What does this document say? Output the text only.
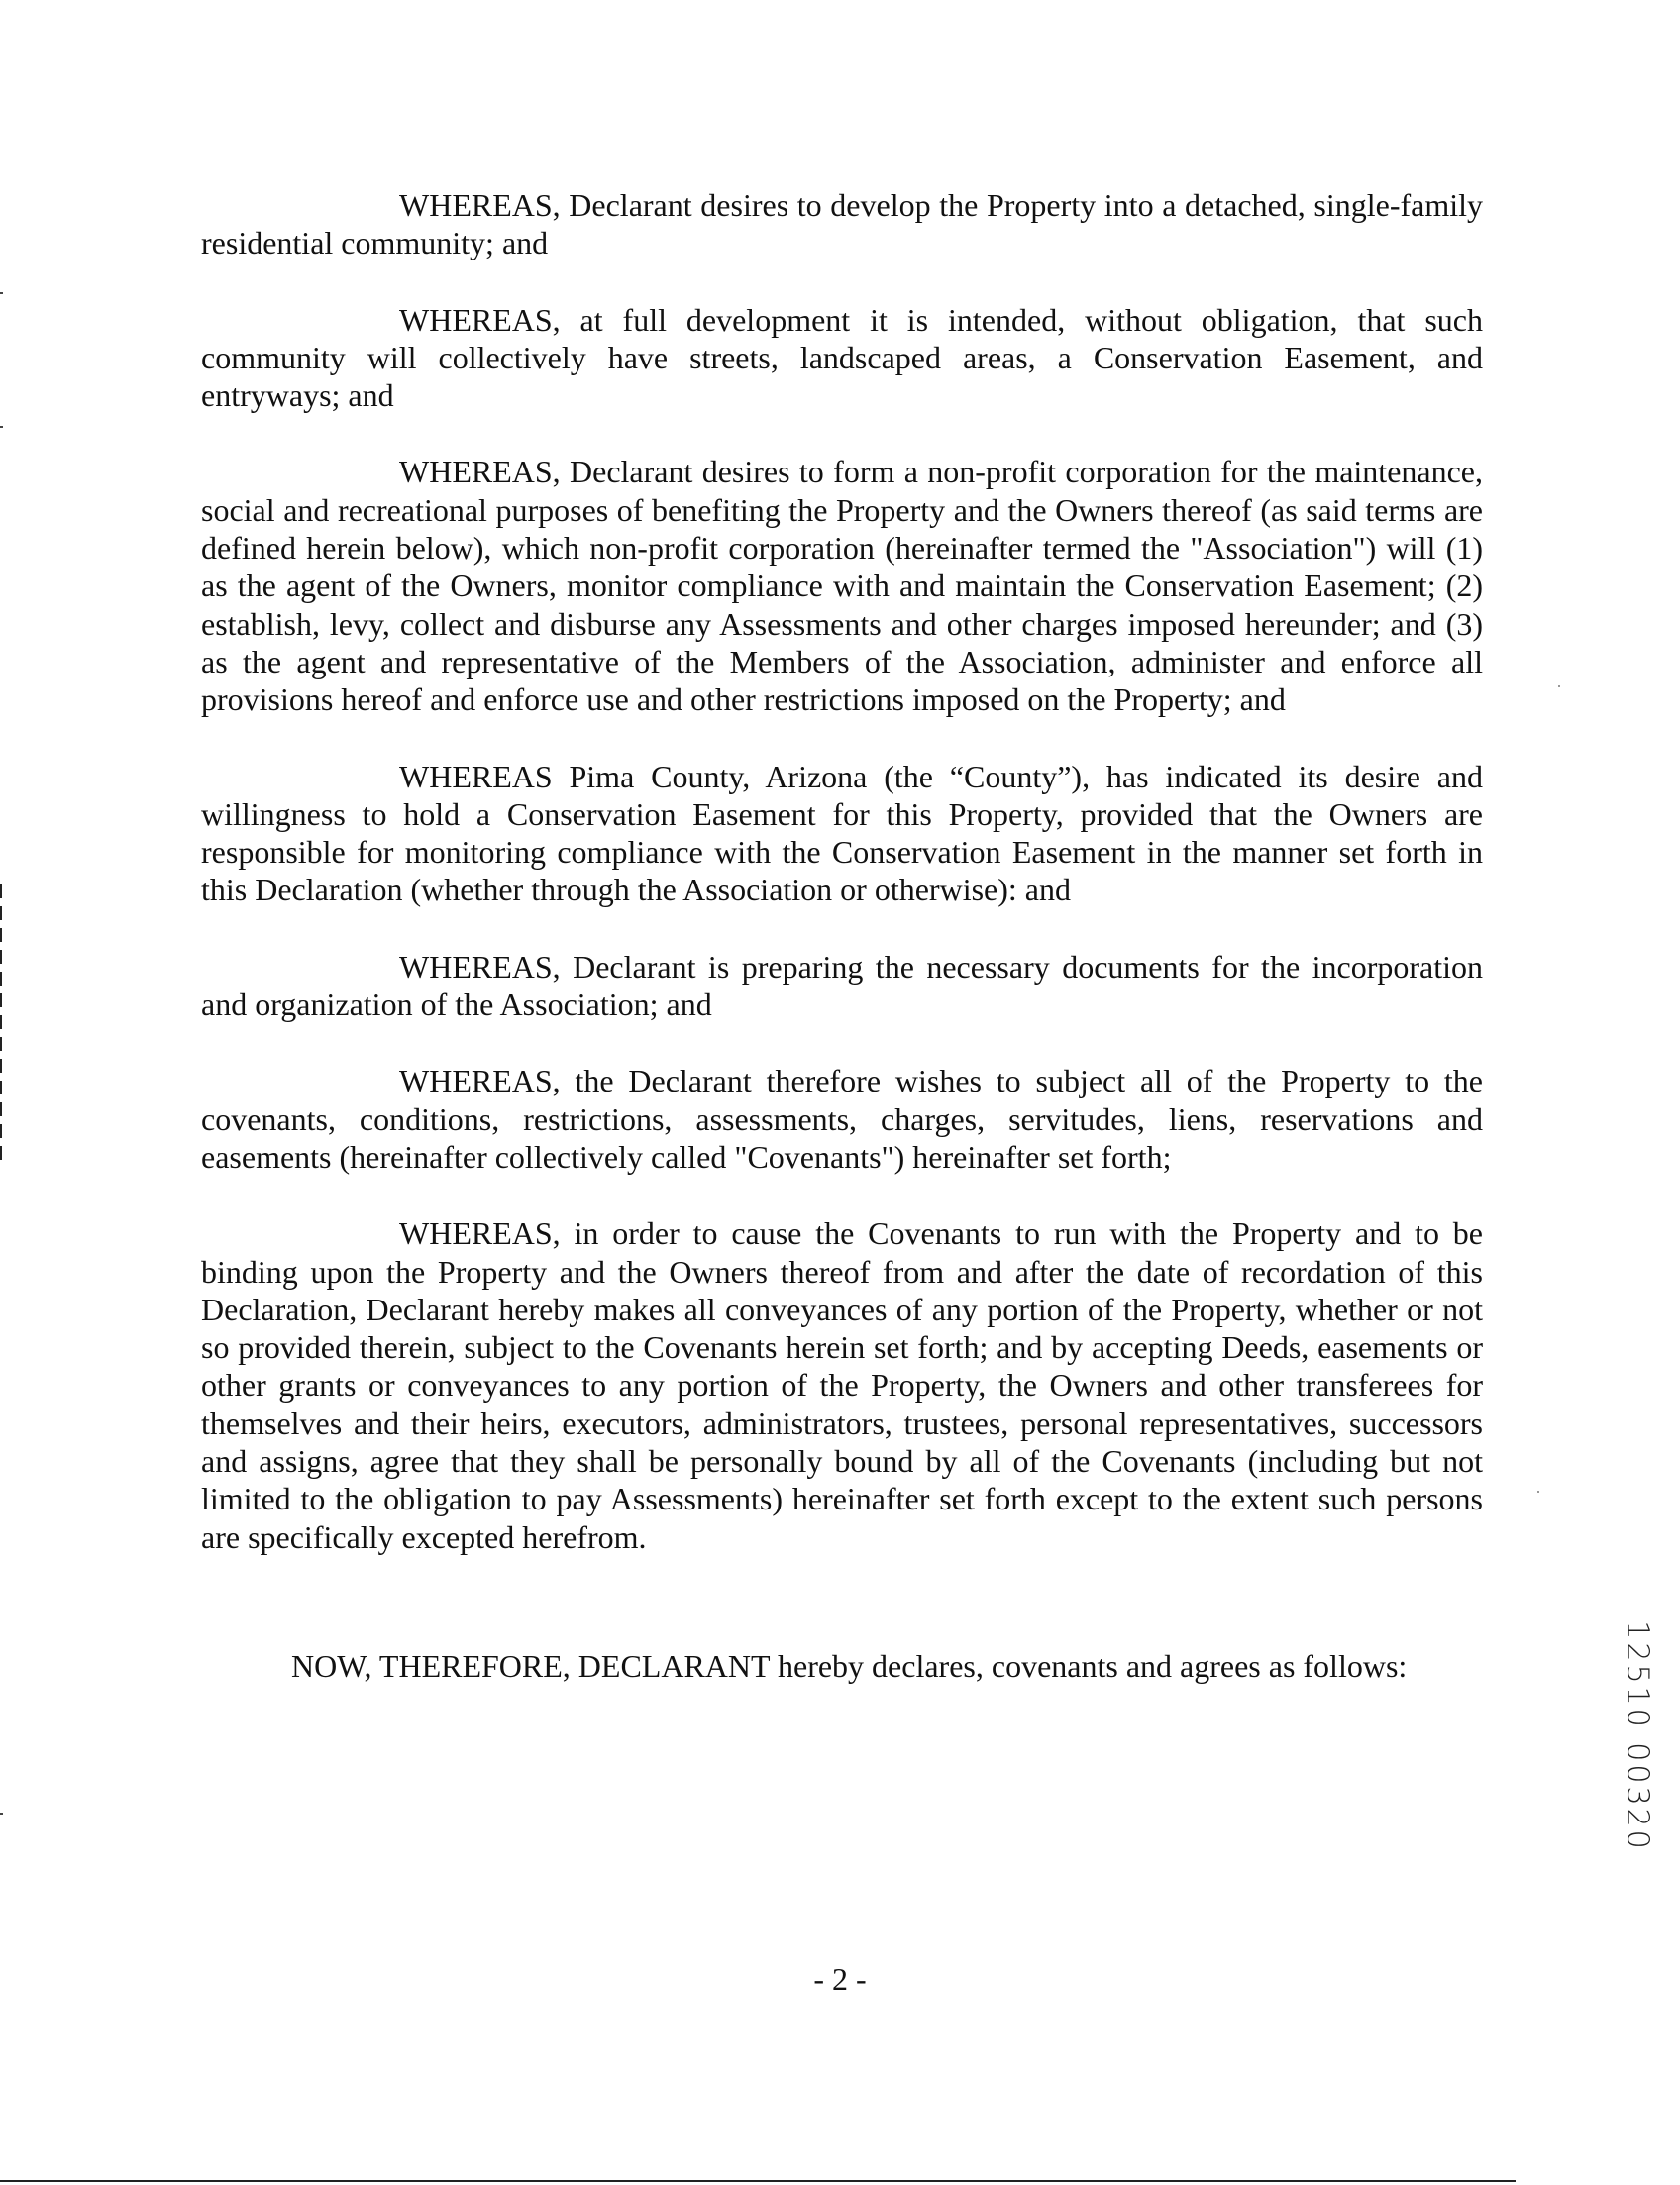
WHEREAS, Declarant desires to develop the Property into a detached, single-family residential community; and

WHEREAS, at full development it is intended, without obligation, that such community will collectively have streets, landscaped areas, a Conservation Easement, and entryways; and

WHEREAS, Declarant desires to form a non-profit corporation for the maintenance, social and recreational purposes of benefiting the Property and the Owners thereof (as said terms are defined herein below), which non-profit corporation (hereinafter termed the "Association") will (1) as the agent of the Owners, monitor compliance with and maintain the Conservation Easement; (2) establish, levy, collect and disburse any Assessments and other charges imposed hereunder; and (3) as the agent and representative of the Members of the Association, administer and enforce all provisions hereof and enforce use and other restrictions imposed on the Property; and

WHEREAS Pima County, Arizona (the “County”), has indicated its desire and willingness to hold a Conservation Easement for this Property, provided that the Owners are responsible for monitoring compliance with the Conservation Easement in the manner set forth in this Declaration (whether through the Association or otherwise): and

WHEREAS, Declarant is preparing the necessary documents for the incorporation and organization of the Association; and

WHEREAS, the Declarant therefore wishes to subject all of the Property to the covenants, conditions, restrictions, assessments, charges, servitudes, liens, reservations and easements (hereinafter collectively called "Covenants") hereinafter set forth;

WHEREAS, in order to cause the Covenants to run with the Property and to be binding upon the Property and the Owners thereof from and after the date of recordation of this Declaration, Declarant hereby makes all conveyances of any portion of the Property, whether or not so provided therein, subject to the Covenants herein set forth; and by accepting Deeds, easements or other grants or conveyances to any portion of the Property, the Owners and other transferees for themselves and their heirs, executors, administrators, trustees, personal representatives, successors and assigns, agree that they shall be personally bound by all of the Covenants (including but not limited to the obligation to pay Assessments) hereinafter set forth except to the extent such persons are specifically excepted herefrom.

NOW, THEREFORE, DECLARANT hereby declares, covenants and agrees as follows:
- 2 -
12510 00320
